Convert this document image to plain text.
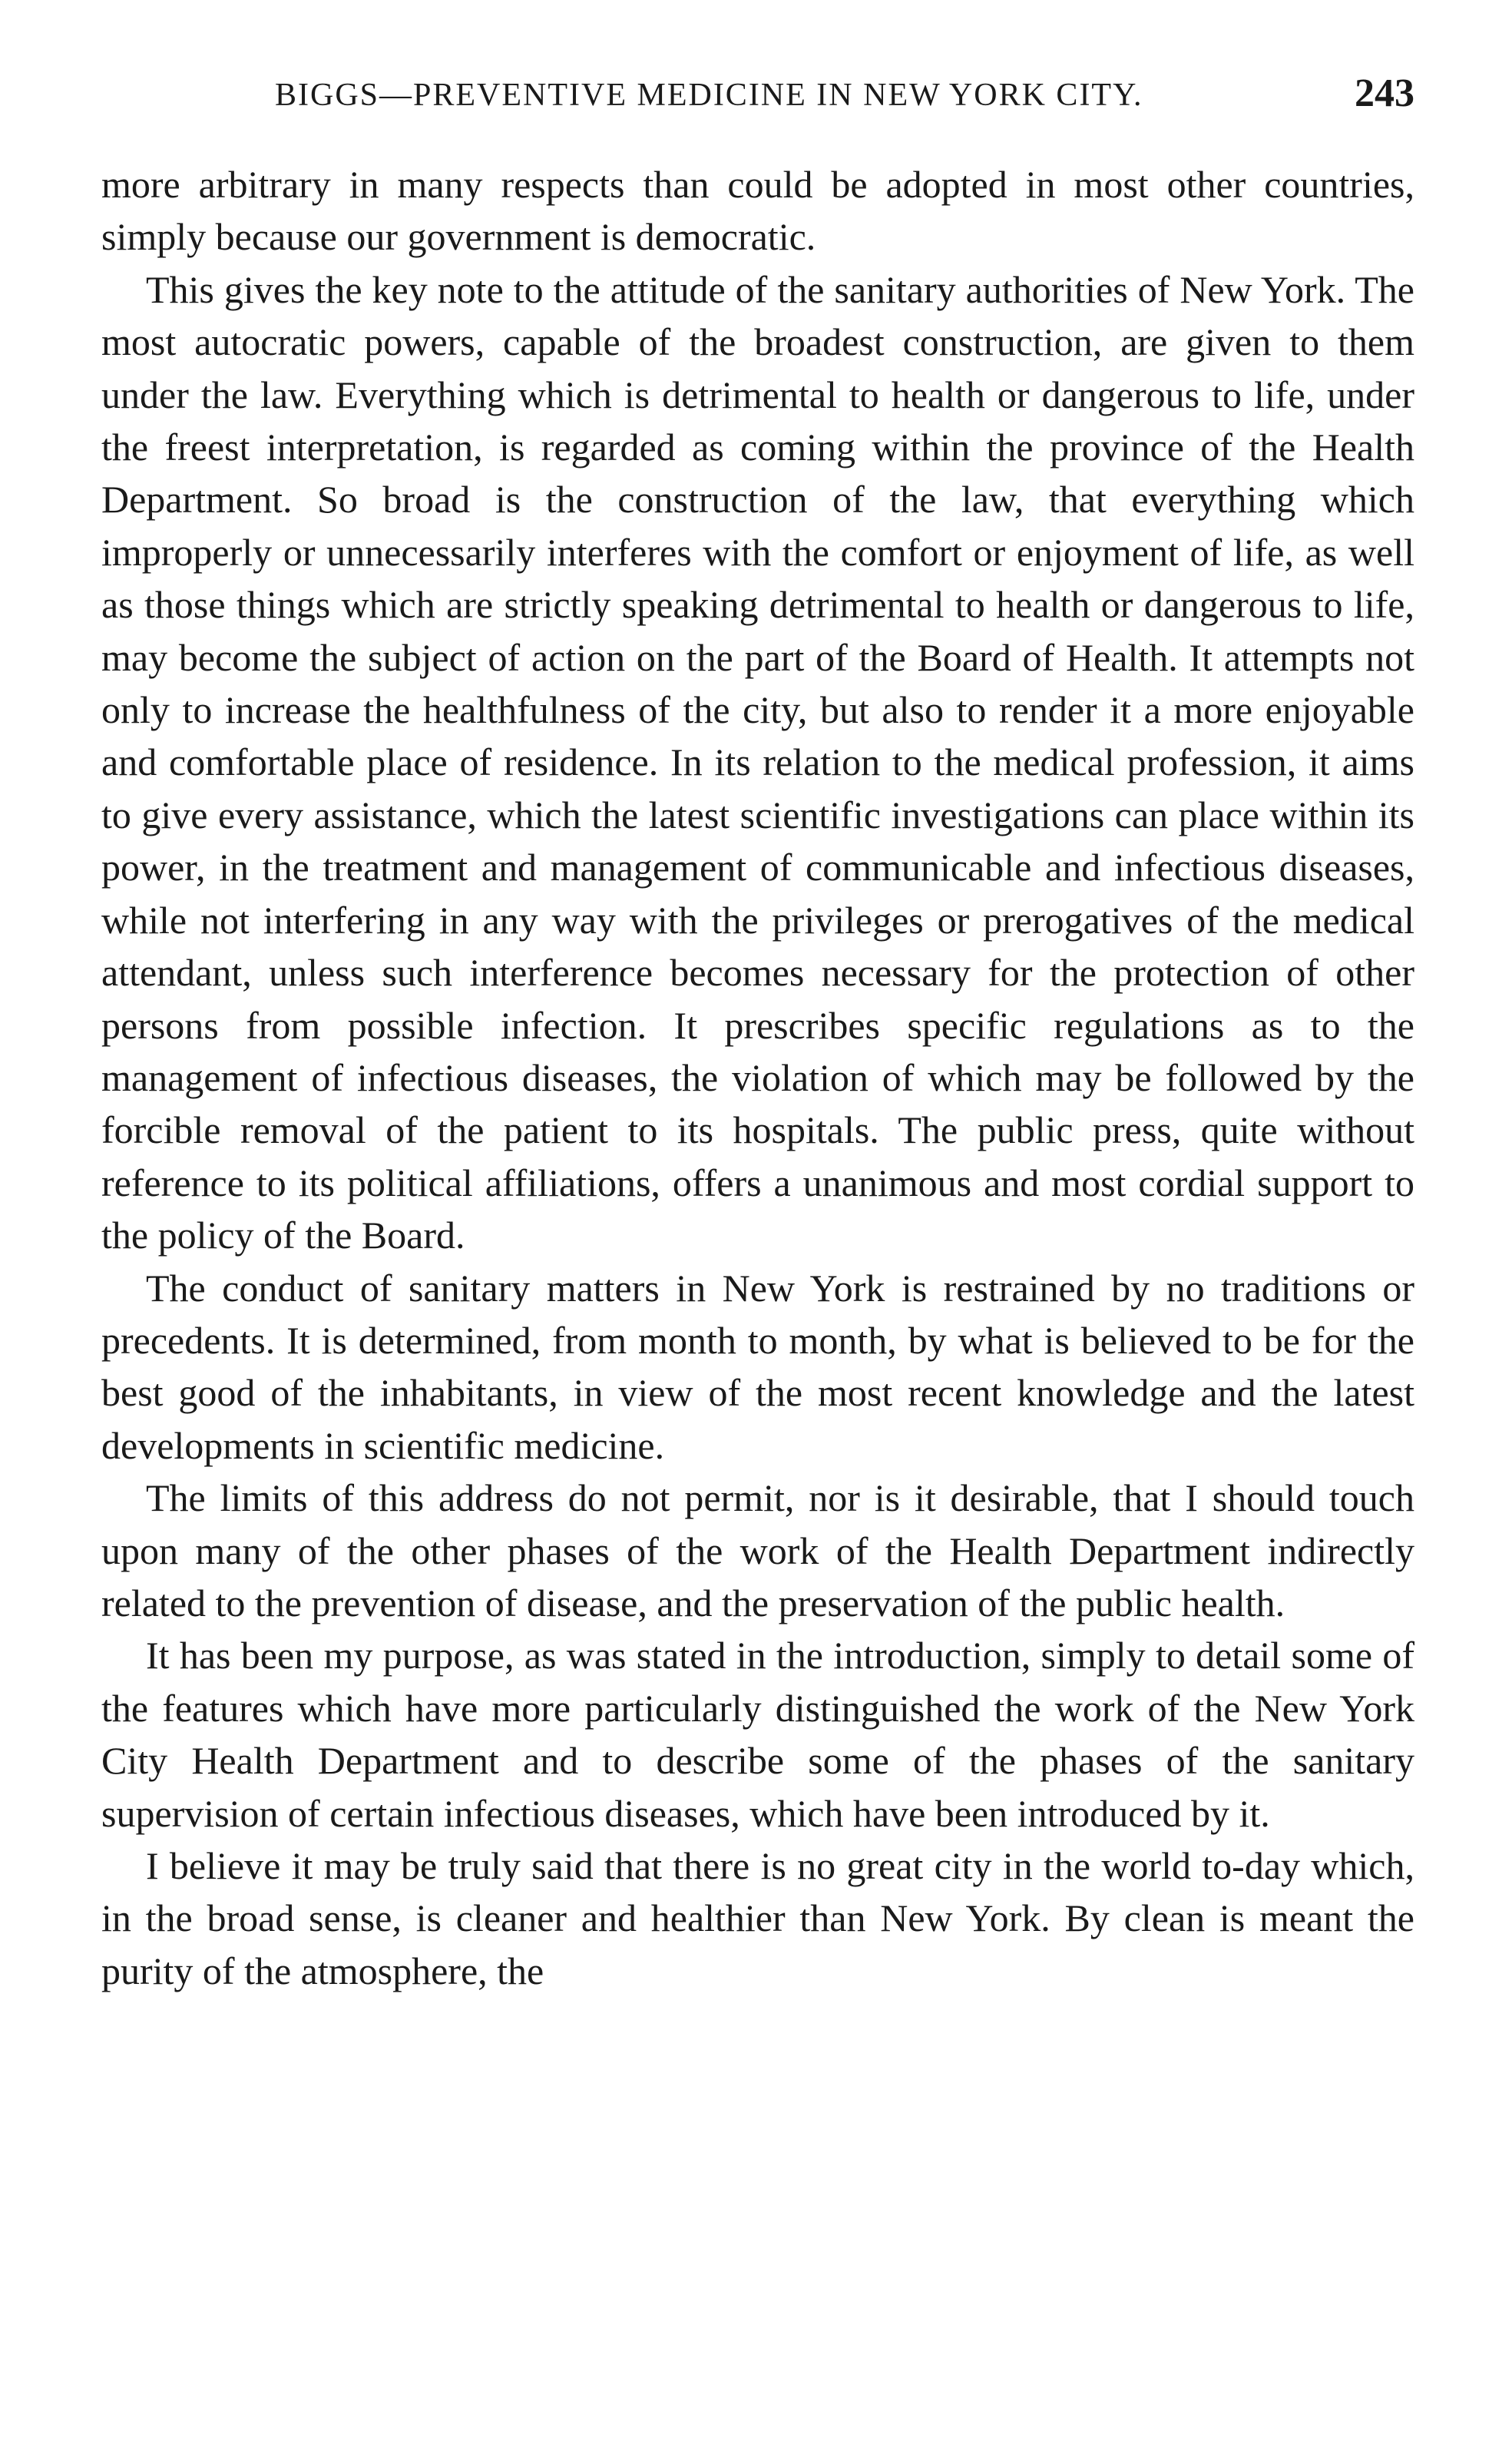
BIGGS—PREVENTIVE MEDICINE IN NEW YORK CITY.	243

more arbitrary in many respects than could be adopted in most other countries, simply because our government is democratic.

This gives the key note to the attitude of the sanitary authorities of New York. The most autocratic powers, capable of the broadest construction, are given to them under the law. Everything which is detrimental to health or dangerous to life, under the freest interpretation, is regarded as coming within the province of the Health Department. So broad is the construction of the law, that everything which improperly or unnecessarily interferes with the comfort or enjoyment of life, as well as those things which are strictly speaking detrimental to health or dangerous to life, may become the subject of action on the part of the Board of Health. It attempts not only to increase the healthfulness of the city, but also to render it a more enjoyable and comfortable place of residence. In its relation to the medical profession, it aims to give every assistance, which the latest scientific investigations can place within its power, in the treatment and management of communicable and infectious diseases, while not interfering in any way with the privileges or prerogatives of the medical attendant, unless such interference becomes necessary for the protection of other persons from possible infection. It prescribes specific regulations as to the management of infectious diseases, the violation of which may be followed by the forcible removal of the patient to its hospitals. The public press, quite without reference to its political affiliations, offers a unanimous and most cordial support to the policy of the Board.

The conduct of sanitary matters in New York is restrained by no traditions or precedents. It is determined, from month to month, by what is believed to be for the best good of the inhabitants, in view of the most recent knowledge and the latest developments in scientific medicine.

The limits of this address do not permit, nor is it desirable, that I should touch upon many of the other phases of the work of the Health Department indirectly related to the prevention of disease, and the preservation of the public health.

It has been my purpose, as was stated in the introduction, simply to detail some of the features which have more particularly distinguished the work of the New York City Health Department and to describe some of the phases of the sanitary supervision of certain infectious diseases, which have been introduced by it.

I believe it may be truly said that there is no great city in the world to-day which, in the broad sense, is cleaner and healthier than New York. By clean is meant the purity of the atmosphere, the
